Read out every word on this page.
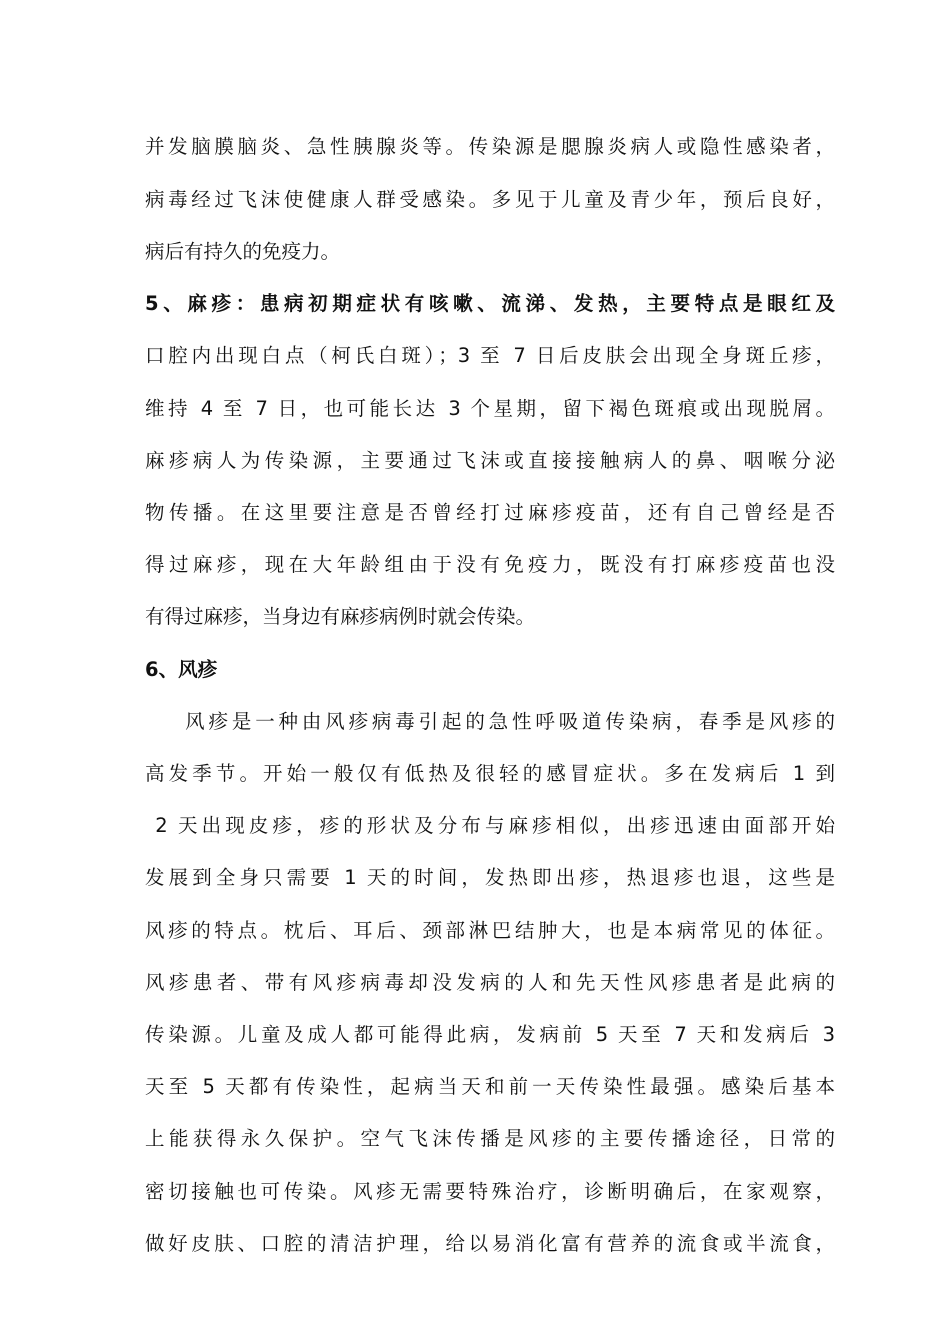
并发脑膜脑炎、急性胰腺炎等。传染源是腮腺炎病人或隐性感染者，
病毒经过飞沫使健康人群受感染。多见于儿童及青少年，预后良好，
病后有持久的免疫力。
5、麻疹：患病初期症状有咳嗽、流涕、发热，主要特点是眼红及
口腔内出现白点（柯氏白斑）；3 至 7 日后皮肤会出现全身斑丘疹，
维持 4 至 7 日，也可能长达 3 个星期，留下褐色斑痕或出现脱屑。
麻疹病人为传染源，主要通过飞沫或直接接触病人的鼻、咽喉分泌
物传播。在这里要注意是否曾经打过麻疹疫苗，还有自己曾经是否
得过麻疹，现在大年龄组由于没有免疫力，既没有打麻疹疫苗也没
有得过麻疹，当身边有麻疹病例时就会传染。
6、风疹
风疹是一种由风疹病毒引起的急性呼吸道传染病，春季是风疹的
高发季节。开始一般仅有低热及很轻的感冒症状。多在发病后 1 到
2 天出现皮疹，疹的形状及分布与麻疹相似，出疹迅速由面部开始
发展到全身只需要 1 天的时间，发热即出疹，热退疹也退，这些是
风疹的特点。枕后、耳后、颈部淋巴结肿大，也是本病常见的体征。
风疹患者、带有风疹病毒却没发病的人和先天性风疹患者是此病的
传染源。儿童及成人都可能得此病，发病前 5 天至 7 天和发病后 3
天至 5 天都有传染性，起病当天和前一天传染性最强。感染后基本
上能获得永久保护。空气飞沫传播是风疹的主要传播途径，日常的
密切接触也可传染。风疹无需要特殊治疗，诊断明确后，在家观察，
做好皮肤、口腔的清洁护理，给以易消化富有营养的流食或半流食，
